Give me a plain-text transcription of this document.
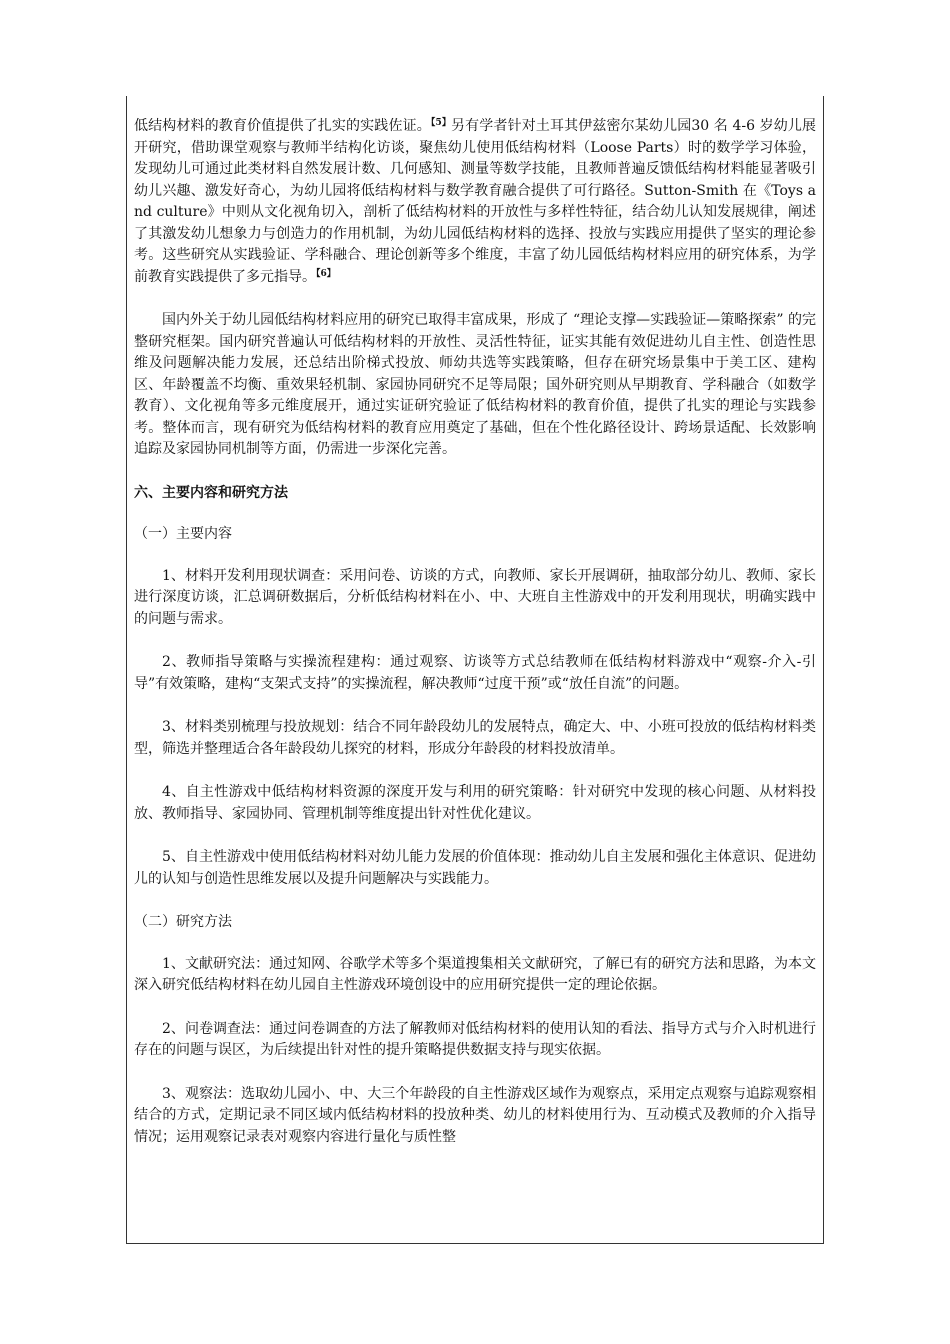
低结构材料的教育价值提供了扎实的实践佐证。$^{【5】}$另有学者针对土耳其伊兹密尔某幼儿园30 名 4-6 岁幼儿展开研究，借助课堂观察与教师半结构化访谈，聚焦幼儿使用低结构材料（Loose Parts）时的数学学习体验，发现幼儿可通过此类材料自然发展计数、几何感知、测量等数学技能，且教师普遍反馈低结构材料能显著吸引幼儿兴趣、激发好奇心，为幼儿园将低结构材料与数学教育融合提供了可行路径。Sutton-Smith 在《Toys and culture》中则从文化视角切入，剖析了低结构材料的开放性与多样性特征，结合幼儿认知发展规律，阐述了其激发幼儿想象力与创造力的作用机制，为幼儿园低结构材料的选择、投放与实践应用提供了坚实的理论参考。这些研究从实践验证、学科融合、理论创新等多个维度，丰富了幼儿园低结构材料应用的研究体系，为学前教育实践提供了多元指导。$^{【6】}$

国内外关于幼儿园低结构材料应用的研究已取得丰富成果，形成了 “理论支撑—实践验证—策略探索” 的完整研究框架。国内研究普遍认可低结构材料的开放性、灵活性特征，证实其能有效促进幼儿自主性、创造性思维及问题解决能力发展，还总结出阶梯式投放、师幼共选等实践策略，但存在研究场景集中于美工区、建构区、年龄覆盖不均衡、重效果轻机制、家园协同研究不足等局限；国外研究则从早期教育、学科融合（如数学教育）、文化视角等多元维度展开，通过实证研究验证了低结构材料的教育价值，提供了扎实的理论与实践参考。整体而言，现有研究为低结构材料的教育应用奠定了基础，但在个性化路径设计、跨场景适配、长效影响追踪及家园协同机制等方面，仍需进一步深化完善。

六、主要内容和研究方法

（一）主要内容

1、材料开发利用现状调查：采用问卷、访谈的方式，向教师、家长开展调研，抽取部分幼儿、教师、家长进行深度访谈，汇总调研数据后，分析低结构材料在小、中、大班自主性游戏中的开发利用现状，明确实践中的问题与需求。

2、教师指导策略与实操流程建构：通过观察、访谈等方式总结教师在低结构材料游戏中“观察-介入-引导”有效策略，建构“支架式支持”的实操流程，解决教师“过度干预”或“放任自流”的问题。

3、材料类别梳理与投放规划：结合不同年龄段幼儿的发展特点，确定大、中、小班可投放的低结构材料类型，筛选并整理适合各年龄段幼儿探究的材料，形成分年龄段的材料投放清单。

4、自主性游戏中低结构材料资源的深度开发与利用的研究策略：针对研究中发现的核心问题、从材料投放、教师指导、家园协同、管理机制等维度提出针对性优化建议。

5、自主性游戏中使用低结构材料对幼儿能力发展的价值体现：推动幼儿自主发展和强化主体意识、促进幼儿的认知与创造性思维发展以及提升问题解决与实践能力。

（二）研究方法

1、文献研究法：通过知网、谷歌学术等多个渠道搜集相关文献研究，了解已有的研究方法和思路，为本文深入研究低结构材料在幼儿园自主性游戏环境创设中的应用研究提供一定的理论依据。

2、问卷调查法：通过问卷调查的方法了解教师对低结构材料的使用认知的看法、指导方式与介入时机进行存在的问题与误区，为后续提出针对性的提升策略提供数据支持与现实依据。

3、观察法：选取幼儿园小、中、大三个年龄段的自主性游戏区域作为观察点，采用定点观察与追踪观察相结合的方式，定期记录不同区域内低结构材料的投放种类、幼儿的材料使用行为、互动模式及教师的介入指导情况；运用观察记录表对观察内容进行量化与质性整
